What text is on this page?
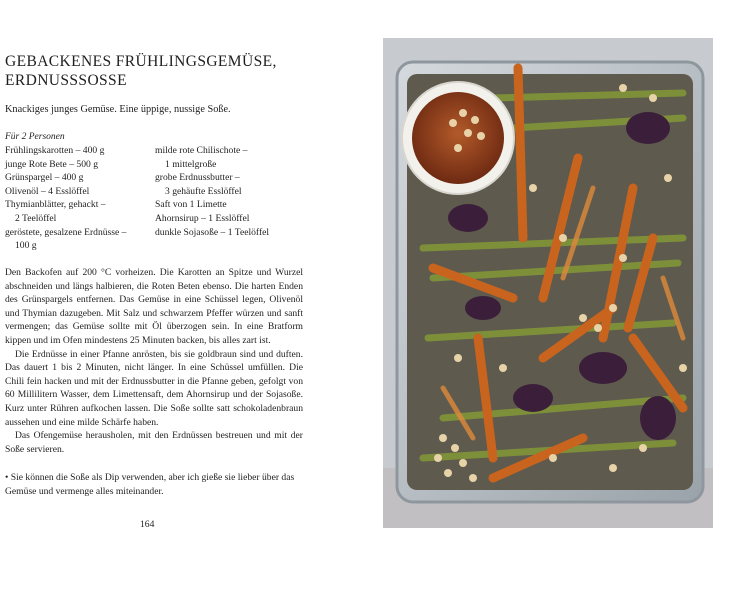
GEBACKENES FRÜHLINGSGEMÜSE,
ERDNUSSSOSSE
Knackiges junges Gemüse. Eine üppige, nussige Soße.
Für 2 Personen
Frühlingskarotten – 400 g
junge Rote Bete – 500 g
Grünspargel – 400 g
Olivenöl – 4 Esslöffel
Thymianblätter, gehackt –
2 Teelöffel
geröstete, gesalzene Erdnüsse –
100 g
milde rote Chilischote –
1 mittelgroße
grobe Erdnussbutter –
3 gehäufte Esslöffel
Saft von 1 Limette
Ahornsirup – 1 Esslöffel
dunkle Sojasoße – 1 Teelöffel

Den Backofen auf 200 °C vorheizen. Die Karotten an Spitze und Wurzel abschneiden und längs halbieren, die Roten Beten ebenso. Die harten Enden des Grünspargels entfernen. Das Gemüse in eine Schüssel legen, Olivenöl und Thymian dazugeben. Mit Salz und schwarzem Pfeffer würzen und sanft vermengen; das Gemüse sollte mit Öl überzogen sein. In eine Bratform kippen und im Ofen mindestens 25 Minuten backen, bis alles zart ist.

Die Erdnüsse in einer Pfanne anrösten, bis sie goldbraun sind und duften. Das dauert 1 bis 2 Minuten, nicht länger. In eine Schüssel umfüllen. Die Chili fein hacken und mit der Erdnussbutter in die Pfanne geben, gefolgt von 60 Millilitern Wasser, dem Limettensaft, dem Ahornsirup und der Sojasoße. Kurz unter Rühren aufkochen lassen. Die Soße sollte satt schokoladenbraun aussehen und eine milde Schärfe haben.

Das Ofengemüse herausholen, mit den Erdnüssen bestreuen und mit der Soße servieren.

• Sie können die Soße als Dip verwenden, aber ich gieße sie lieber über das Gemüse und vermenge alles miteinander.
164
